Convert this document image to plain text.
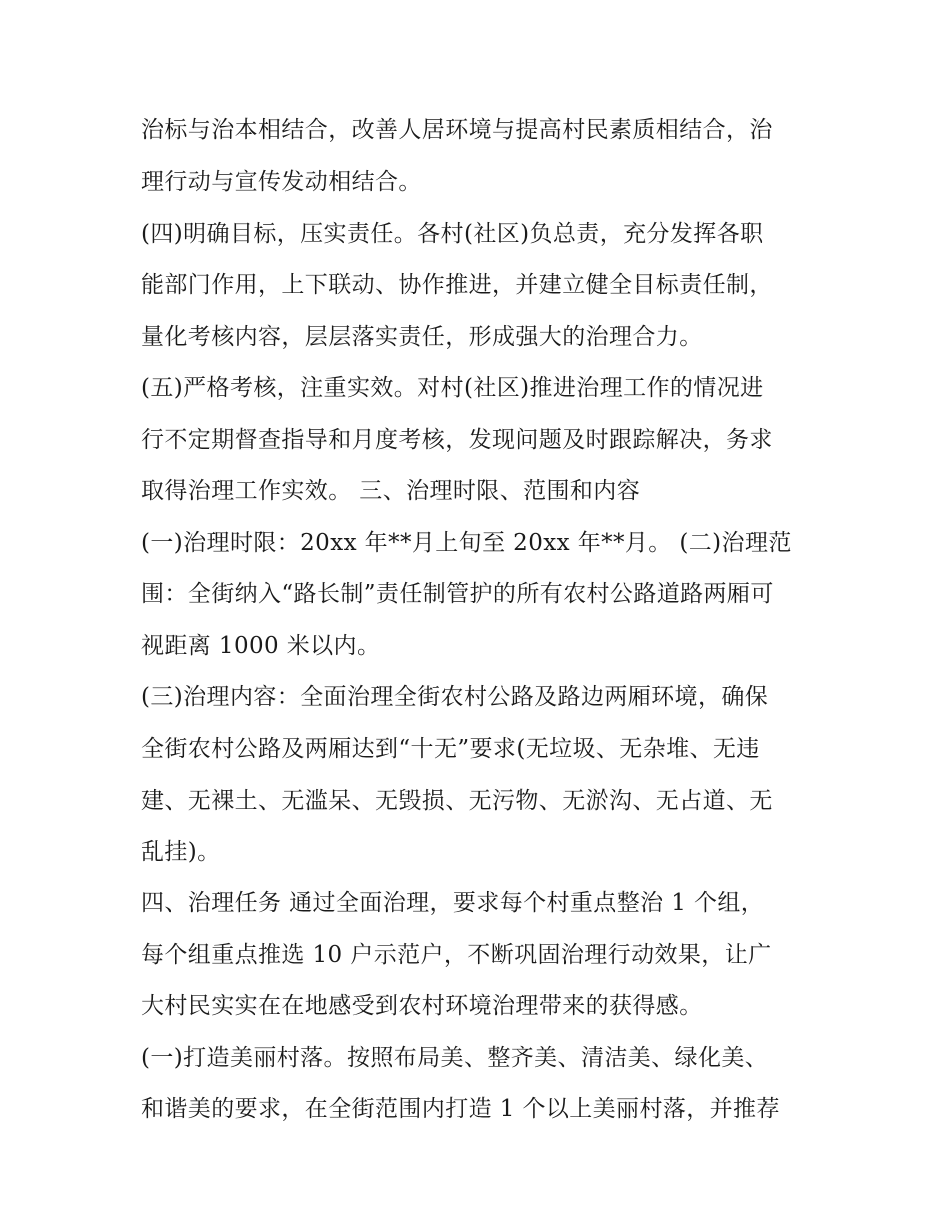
治标与治本相结合，改善人居环境与提高村民素质相结合，治
理行动与宣传发动相结合。
(四)明确目标，压实责任。各村(社区)负总责，充分发挥各职
能部门作用，上下联动、协作推进，并建立健全目标责任制，
量化考核内容，层层落实责任，形成强大的治理合力。
(五)严格考核，注重实效。对村(社区)推进治理工作的情况进
行不定期督查指导和月度考核，发现问题及时跟踪解决，务求
取得治理工作实效。 三、治理时限、范围和内容
(一)治理时限：20xx 年**月上旬至 20xx 年**月。 (二)治理范
围：全街纳入“路长制”责任制管护的所有农村公路道路两厢可
视距离 1000 米以内。
(三)治理内容：全面治理全街农村公路及路边两厢环境，确保
全街农村公路及两厢达到“十无”要求(无垃圾、无杂堆、无违
建、无裸土、无滥呆、无毁损、无污物、无淤沟、无占道、无
乱挂)。
四、治理任务 通过全面治理，要求每个村重点整治 1 个组，
每个组重点推选 10 户示范户，不断巩固治理行动效果，让广
大村民实实在在地感受到农村环境治理带来的获得感。
(一)打造美丽村落。按照布局美、整齐美、清洁美、绿化美、
和谐美的要求，在全街范围内打造 1 个以上美丽村落，并推荐
